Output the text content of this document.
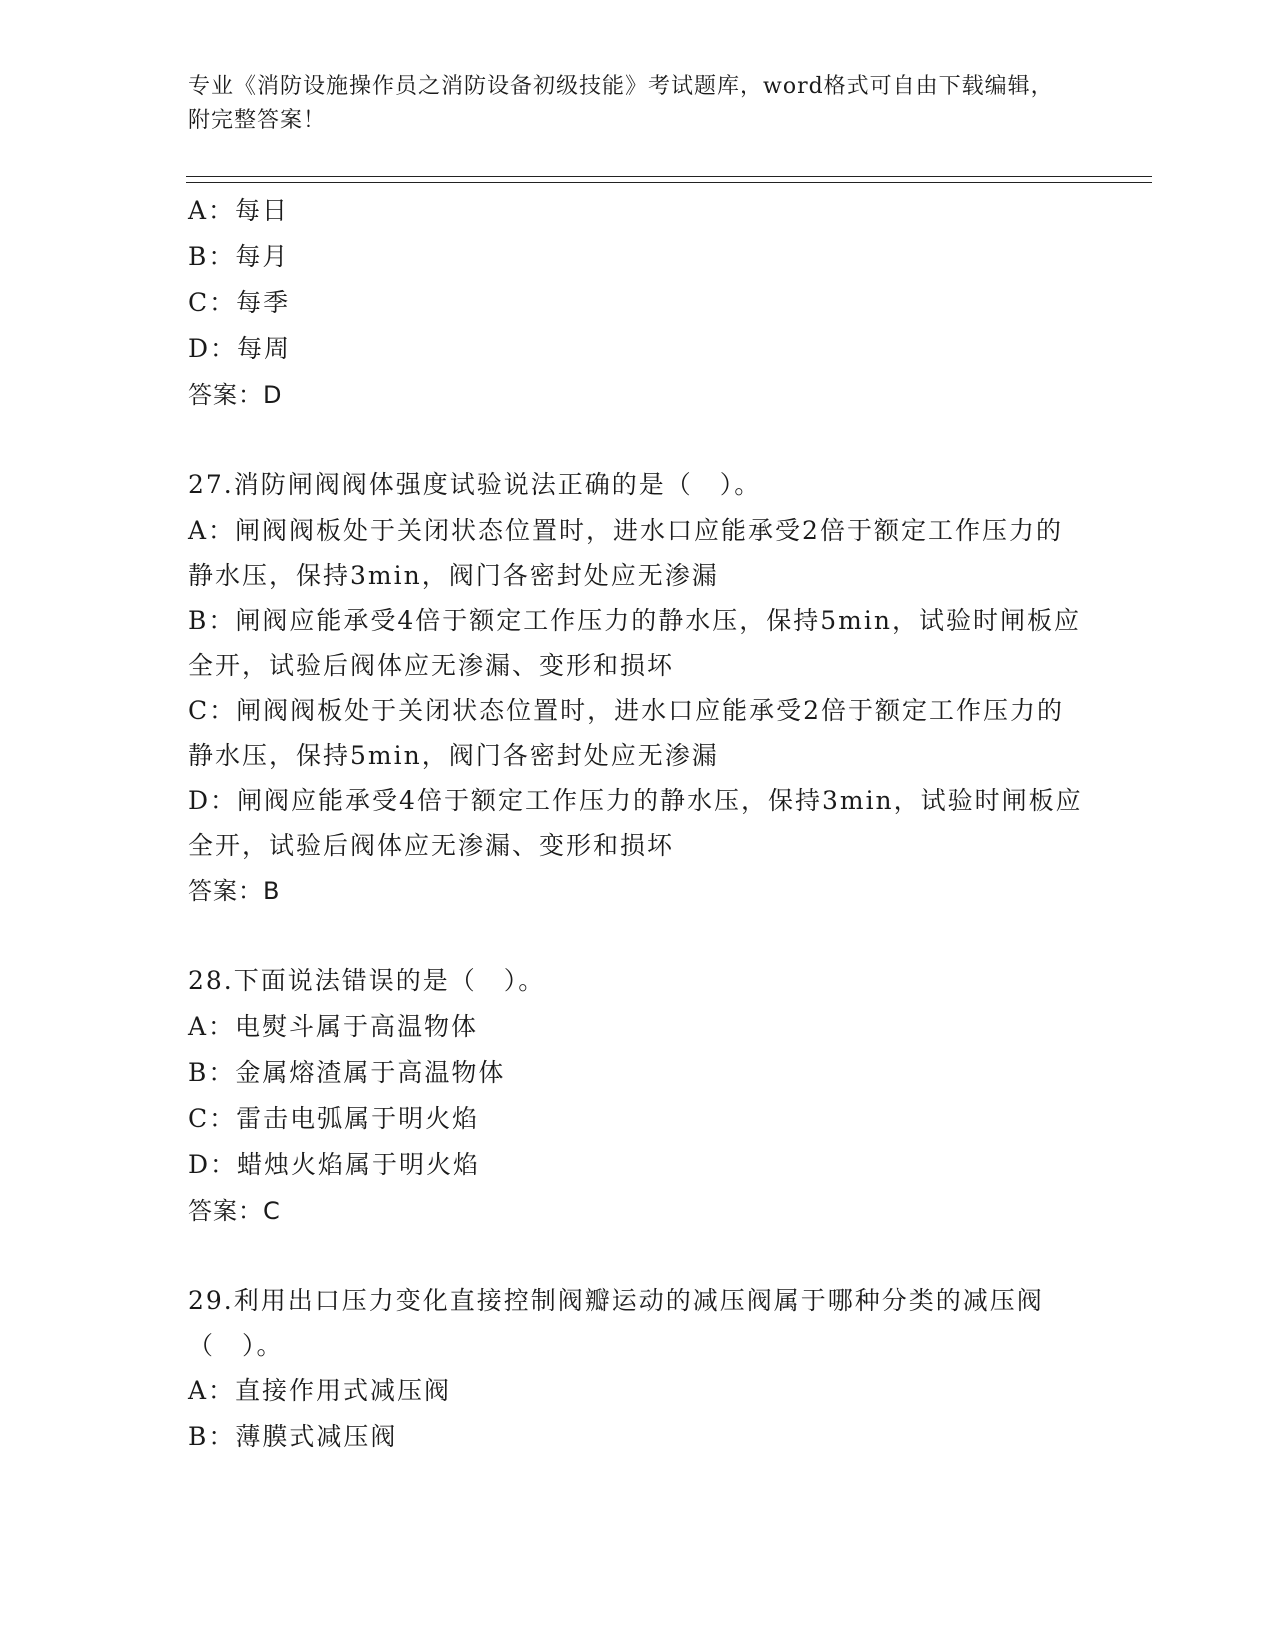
专业《消防设施操作员之消防设备初级技能》考试题库，word格式可自由下载编辑，附完整答案！
A：每日
B：每月
C：每季
D：每周
答案：D
27.消防闸阀阀体强度试验说法正确的是（　）。
A：闸阀阀板处于关闭状态位置时，进水口应能承受2倍于额定工作压力的静水压，保持3min，阀门各密封处应无渗漏
B：闸阀应能承受4倍于额定工作压力的静水压，保持5min，试验时闸板应全开，试验后阀体应无渗漏、变形和损坏
C：闸阀阀板处于关闭状态位置时，进水口应能承受2倍于额定工作压力的静水压，保持5min，阀门各密封处应无渗漏
D：闸阀应能承受4倍于额定工作压力的静水压，保持3min，试验时闸板应全开，试验后阀体应无渗漏、变形和损坏
答案：B
28.下面说法错误的是（　）。
A：电熨斗属于高温物体
B：金属熔渣属于高温物体
C：雷击电弧属于明火焰
D：蜡烛火焰属于明火焰
答案：C
29.利用出口压力变化直接控制阀瓣运动的减压阀属于哪种分类的减压阀（　）。
A：直接作用式减压阀
B：薄膜式减压阀
